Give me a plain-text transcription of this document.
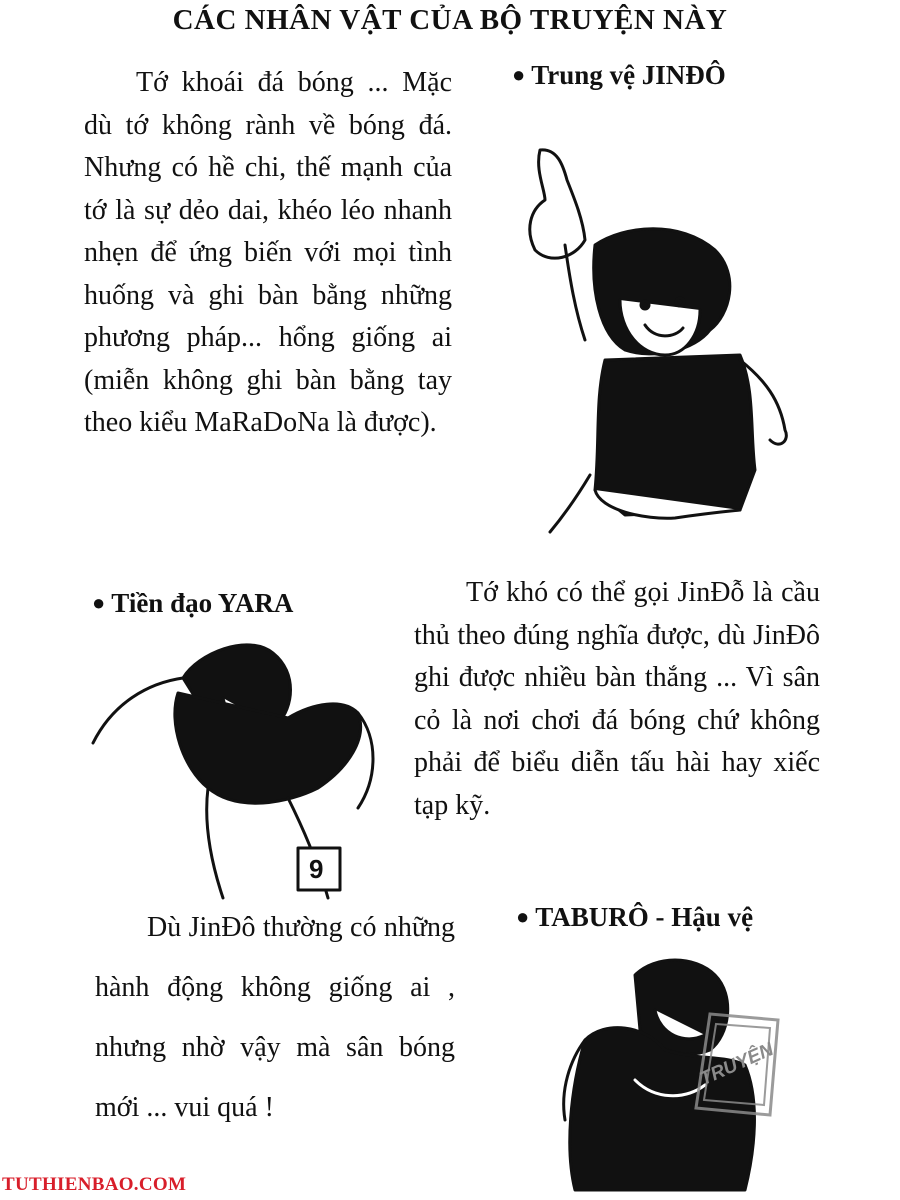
CÁC NHÂN VẬT CỦA BỘ TRUYỆN NÀY
Tớ khoái đá bóng ... Mặc dù tớ không rành về bóng đá. Nhưng có hề chi, thế mạnh của tớ là sự dẻo dai, khéo léo nhanh nhẹn để ứng biến với mọi tình huống và ghi bàn bằng những phương pháp... hổng giống ai (miễn không ghi bàn bằng tay theo kiểu MaRaDoNa là được).
● Trung vệ JINĐÔ
● Tiền đạo YARA
9
Tớ khó có thể gọi JinĐỗ là cầu thủ theo đúng nghĩa được, dù JinĐô ghi được nhiều bàn thắng ... Vì sân cỏ là nơi chơi đá bóng chứ không phải để biểu diễn tấu hài hay xiếc tạp kỹ.
Dù JinĐô thường có những hành động không giống ai , nhưng nhờ vậy mà sân bóng mới ... vui quá !
● TABURÔ - Hậu vệ
TRUYỆN
TUTHIENBAO.COM
